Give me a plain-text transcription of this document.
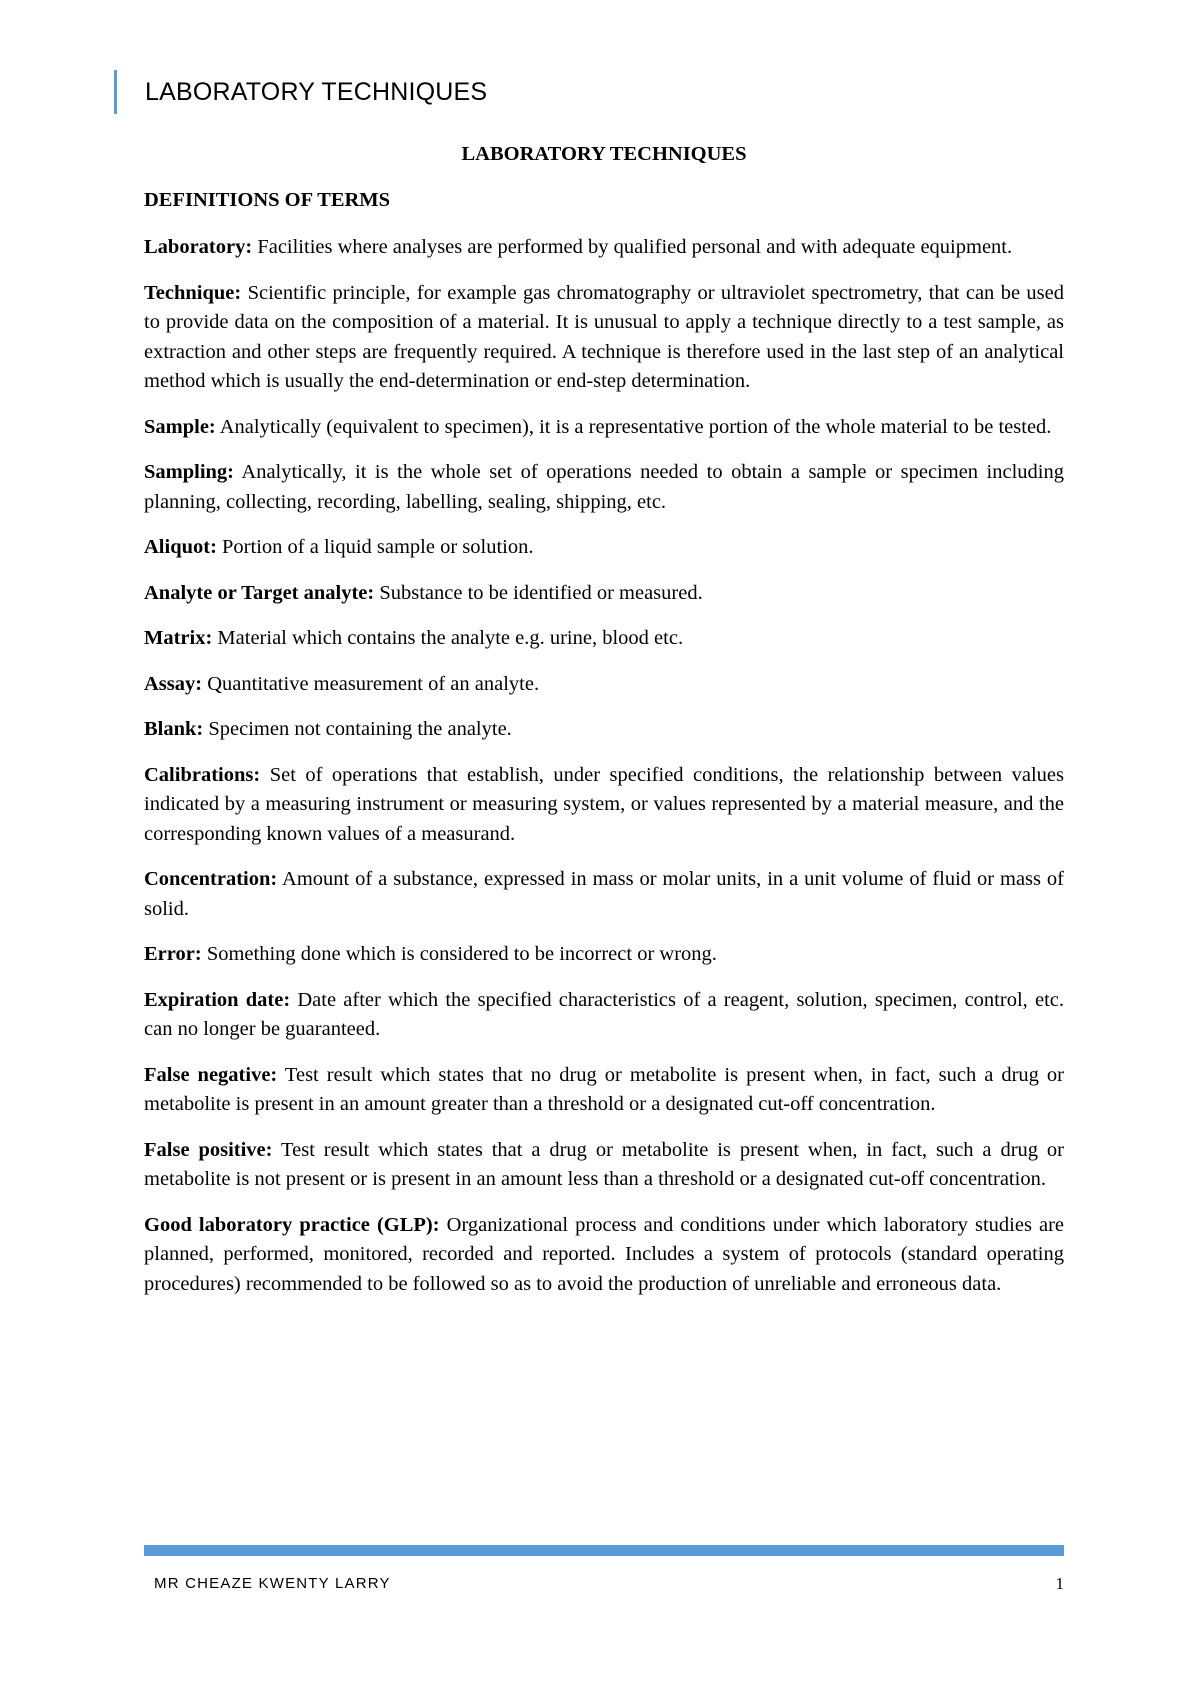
LABORATORY TECHNIQUES
LABORATORY TECHNIQUES
DEFINITIONS OF TERMS

Laboratory: Facilities where analyses are performed by qualified personal and with adequate equipment.

Technique: Scientific principle, for example gas chromatography or ultraviolet spectrometry, that can be used to provide data on the composition of a material. It is unusual to apply a technique directly to a test sample, as extraction and other steps are frequently required. A technique is therefore used in the last step of an analytical method which is usually the end-determination or end-step determination.

Sample: Analytically (equivalent to specimen), it is a representative portion of the whole material to be tested.

Sampling: Analytically, it is the whole set of operations needed to obtain a sample or specimen including planning, collecting, recording, labelling, sealing, shipping, etc.

Aliquot: Portion of a liquid sample or solution.

Analyte or Target analyte: Substance to be identified or measured.

Matrix: Material which contains the analyte e.g. urine, blood etc.

Assay: Quantitative measurement of an analyte.

Blank: Specimen not containing the analyte.

Calibrations: Set of operations that establish, under specified conditions, the relationship between values indicated by a measuring instrument or measuring system, or values represented by a material measure, and the corresponding known values of a measurand.

Concentration: Amount of a substance, expressed in mass or molar units, in a unit volume of fluid or mass of solid.

Error: Something done which is considered to be incorrect or wrong.

Expiration date: Date after which the specified characteristics of a reagent, solution, specimen, control, etc. can no longer be guaranteed.

False negative: Test result which states that no drug or metabolite is present when, in fact, such a drug or metabolite is present in an amount greater than a threshold or a designated cut-off concentration.

False positive: Test result which states that a drug or metabolite is present when, in fact, such a drug or metabolite is not present or is present in an amount less than a threshold or a designated cut-off concentration.

Good laboratory practice (GLP): Organizational process and conditions under which laboratory studies are planned, performed, monitored, recorded and reported. Includes a system of protocols (standard operating procedures) recommended to be followed so as to avoid the production of unreliable and erroneous data.

MR CHEAZE KWENTY LARRY	1
